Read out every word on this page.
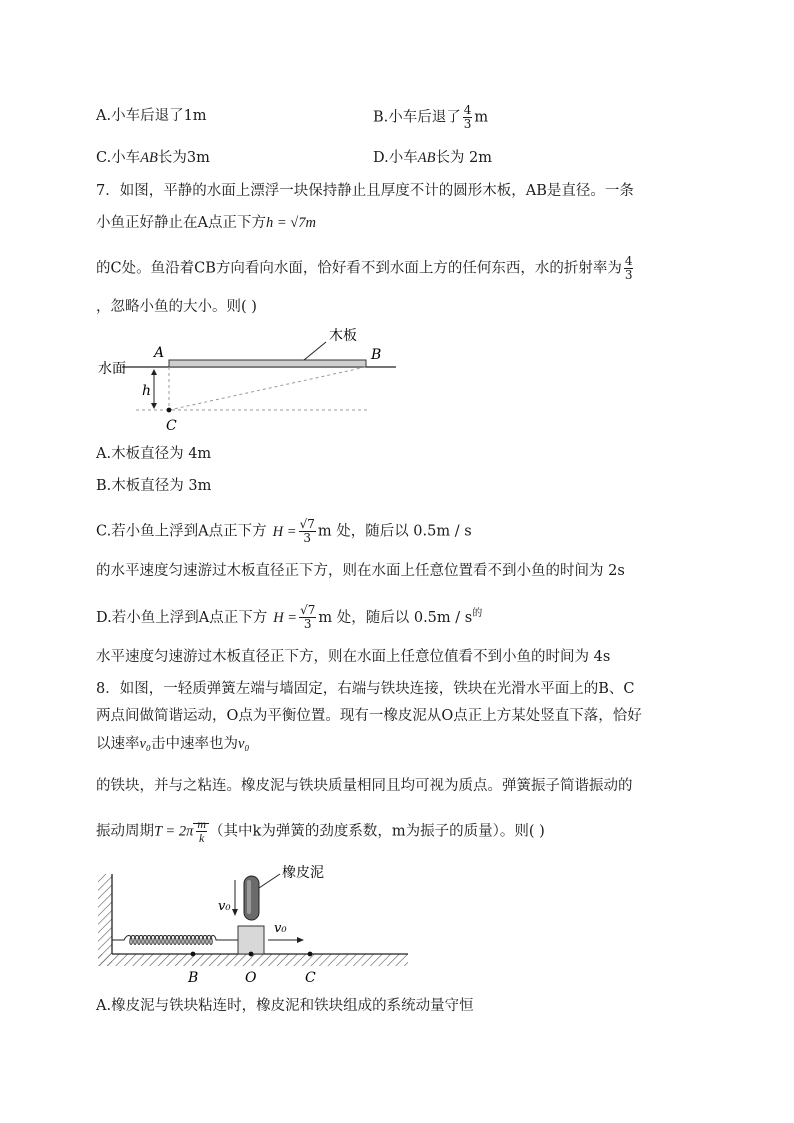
A.小车后退了1m	B.小车后退了 $\frac{4}{3}$ m
C.小车AB长为3m	D.小车AB长为 2m
7．如图，平静的水面上漂浮一块保持静止且厚度不计的圆形木板，AB是直径。一条
小鱼正好静止在A点正下方h = √7m
的C处。鱼沿着CB方向看向水面，恰好看不到水面上方的任何东西，水的折射率为 $\frac{4}{3}$
，忽略小鱼的大小。则( )
木板
水面
A	B
h
C
A.木板直径为 4m
B.木板直径为 3m
C.若小鱼上浮到A点正下方 $H = \frac{√7}{3}$ m 处，随后以 0.5m / s
的水平速度匀速游过木板直径正下方，则在水面上任意位置看不到小鱼的时间为 2s
D.若小鱼上浮到A点正下方 $H = \frac{√7}{3}$ m 处，随后以 $0.5m / s^的$
水平速度匀速游过木板直径正下方，则在水面上任意位值看不到小鱼的时间为 4s
8．如图，一轻质弹簧左端与墙固定，右端与铁块连接，铁块在光滑水平面上的B、C
两点间做简谐运动，O点为平衡位置。现有一橡皮泥从O点正上方某处竖直下落，恰好
以速率v₀击中速率也为v₀
的铁块，并与之粘连。橡皮泥与铁块质量相同且均可视为质点。弹簧振子简谐振动的
振动周期$T = 2\pi \frac{m}{k}$ （其中k为弹簧的劲度系数，m为振子的质量）。则( )
橡皮泥
v₀
v₀
B	O	C
A.橡皮泥与铁块粘连时，橡皮泥和铁块组成的系统动量守恒
